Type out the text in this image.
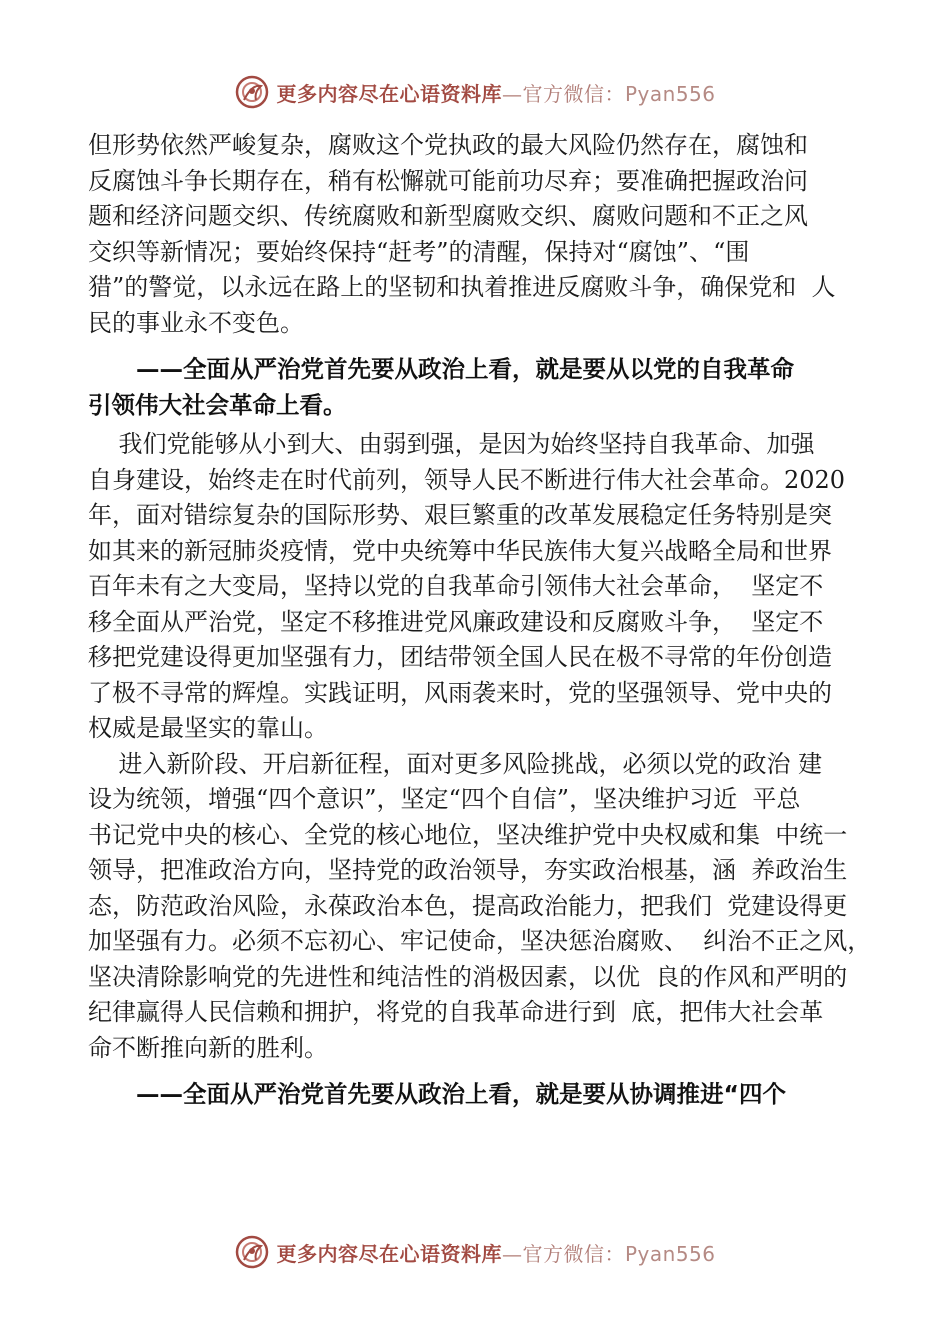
更多内容尽在心语资料库—官方微信：Pyan556
但形势依然严峻复杂，腐败这个党执政的最大风险仍然存在，腐蚀和
反腐蚀斗争长期存在，稍有松懈就可能前功尽弃；要准确把握政治问
题和经济问题交织、传统腐败和新型腐败交织、腐败问题和不正之风
交织等新情况；要始终保持“赶考”的清醒，保持对“腐蚀”、“围
猎”的警觉，以永远在路上的坚韧和执着推进反腐败斗争，确保党和  人
民的事业永不变色。
——全面从严治党首先要从政治上看，就是要从以党的自我革命
引领伟大社会革命上看。
我们党能够从小到大、由弱到强，是因为始终坚持自我革命、加强
自身建设，始终走在时代前列，领导人民不断进行伟大社会革命。2020
年，面对错综复杂的国际形势、艰巨繁重的改革发展稳定任务特别是突
如其来的新冠肺炎疫情，党中央统筹中华民族伟大复兴战略全局和世界
百年未有之大变局，坚持以党的自我革命引领伟大社会革命，  坚定不
移全面从严治党，坚定不移推进党风廉政建设和反腐败斗争，  坚定不
移把党建设得更加坚强有力，团结带领全国人民在极不寻常的年份创造
了极不寻常的辉煌。实践证明，风雨袭来时，党的坚强领导、党中央的
权威是最坚实的靠山。
进入新阶段、开启新征程，面对更多风险挑战，必须以党的政治 建
设为统领，增强“四个意识”，坚定“四个自信”，坚决维护习近  平总
书记党中央的核心、全党的核心地位，坚决维护党中央权威和集  中统一
领导，把准政治方向，坚持党的政治领导，夯实政治根基，涵  养政治生
态，防范政治风险，永葆政治本色，提高政治能力，把我们  党建设得更
加坚强有力。必须不忘初心、牢记使命，坚决惩治腐败、  纠治不正之风，
坚决清除影响党的先进性和纯洁性的消极因素，以优  良的作风和严明的
纪律赢得人民信赖和拥护，将党的自我革命进行到  底，把伟大社会革
命不断推向新的胜利。
——全面从严治党首先要从政治上看，就是要从协调推进“四个
更多内容尽在心语资料库—官方微信：Pyan556
